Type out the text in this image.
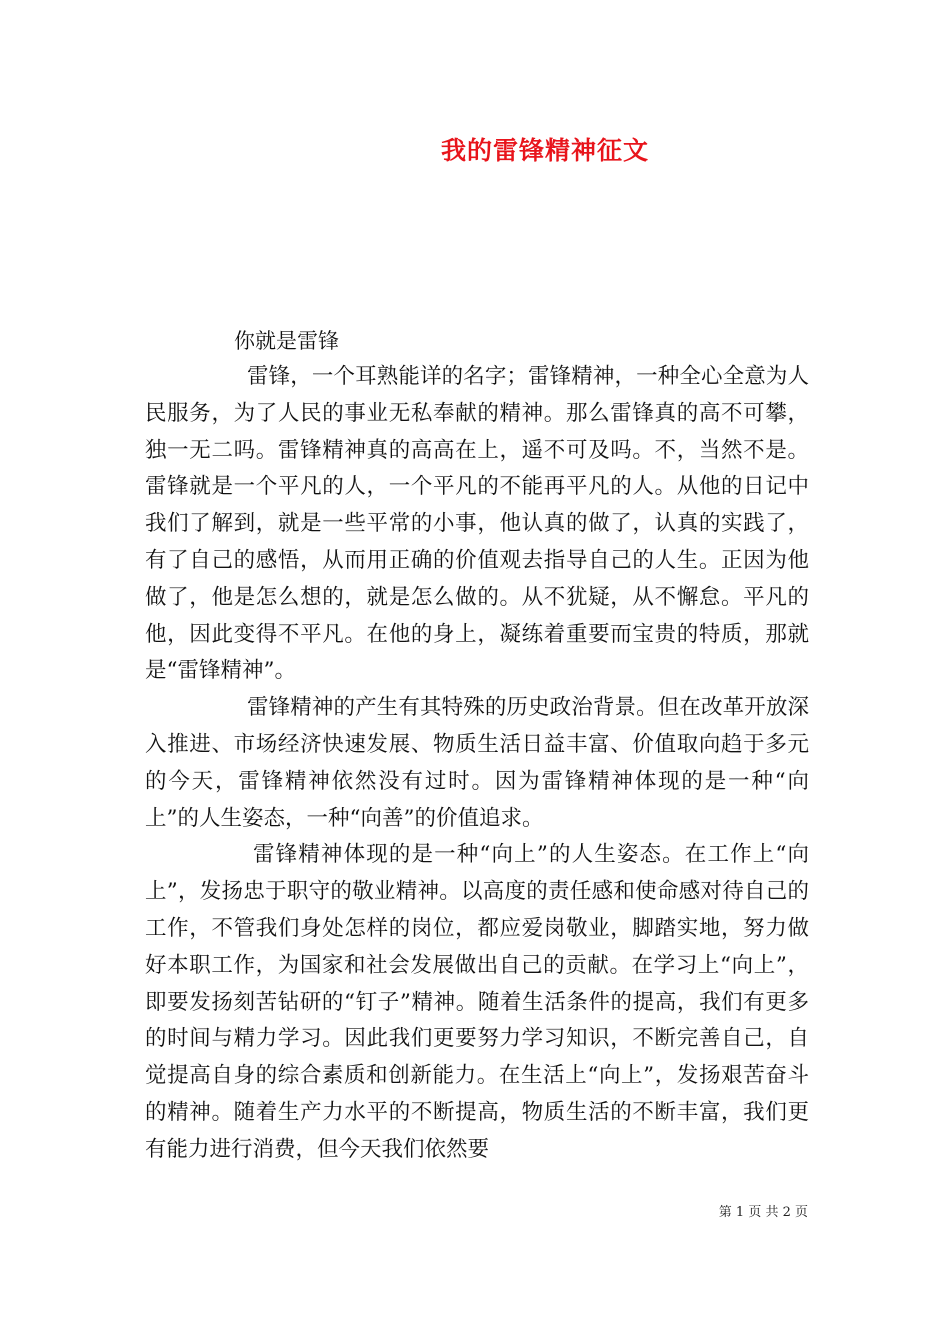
我的雷锋精神征文
你就是雷锋

雷锋，一个耳熟能详的名字；雷锋精神，一种全心全意为人民服务，为了人民的事业无私奉献的精神。那么雷锋真的高不可攀，独一无二吗。雷锋精神真的高高在上，遥不可及吗。不，当然不是。雷锋就是一个平凡的人，一个平凡的不能再平凡的人。从他的日记中我们了解到，就是一些平常的小事，他认真的做了，认真的实践了，有了自己的感悟，从而用正确的价值观去指导自己的人生。正因为他做了，他是怎么想的，就是怎么做的。从不犹疑，从不懈怠。平凡的他，因此变得不平凡。在他的身上，凝练着重要而宝贵的特质，那就是“雷锋精神”。

雷锋精神的产生有其特殊的历史政治背景。但在改革开放深入推进、市场经济快速发展、物质生活日益丰富、价值取向趋于多元的今天，雷锋精神依然没有过时。因为雷锋精神体现的是一种“向上”的人生姿态，一种“向善”的价值追求。

雷锋精神体现的是一种“向上”的人生姿态。在工作上“向上”，发扬忠于职守的敬业精神。以高度的责任感和使命感对待自己的工作，不管我们身处怎样的岗位，都应爱岗敬业，脚踏实地，努力做好本职工作，为国家和社会发展做出自己的贡献。在学习上“向上”，即要发扬刻苦钻研的“钉子”精神。随着生活条件的提高，我们有更多的时间与精力学习。因此我们更要努力学习知识，不断完善自己，自觉提高自身的综合素质和创新能力。在生活上“向上”，发扬艰苦奋斗的精神。随着生产力水平的不断提高，物质生活的不断丰富，我们更有能力进行消费，但今天我们依然要

第 1 页 共 2 页
